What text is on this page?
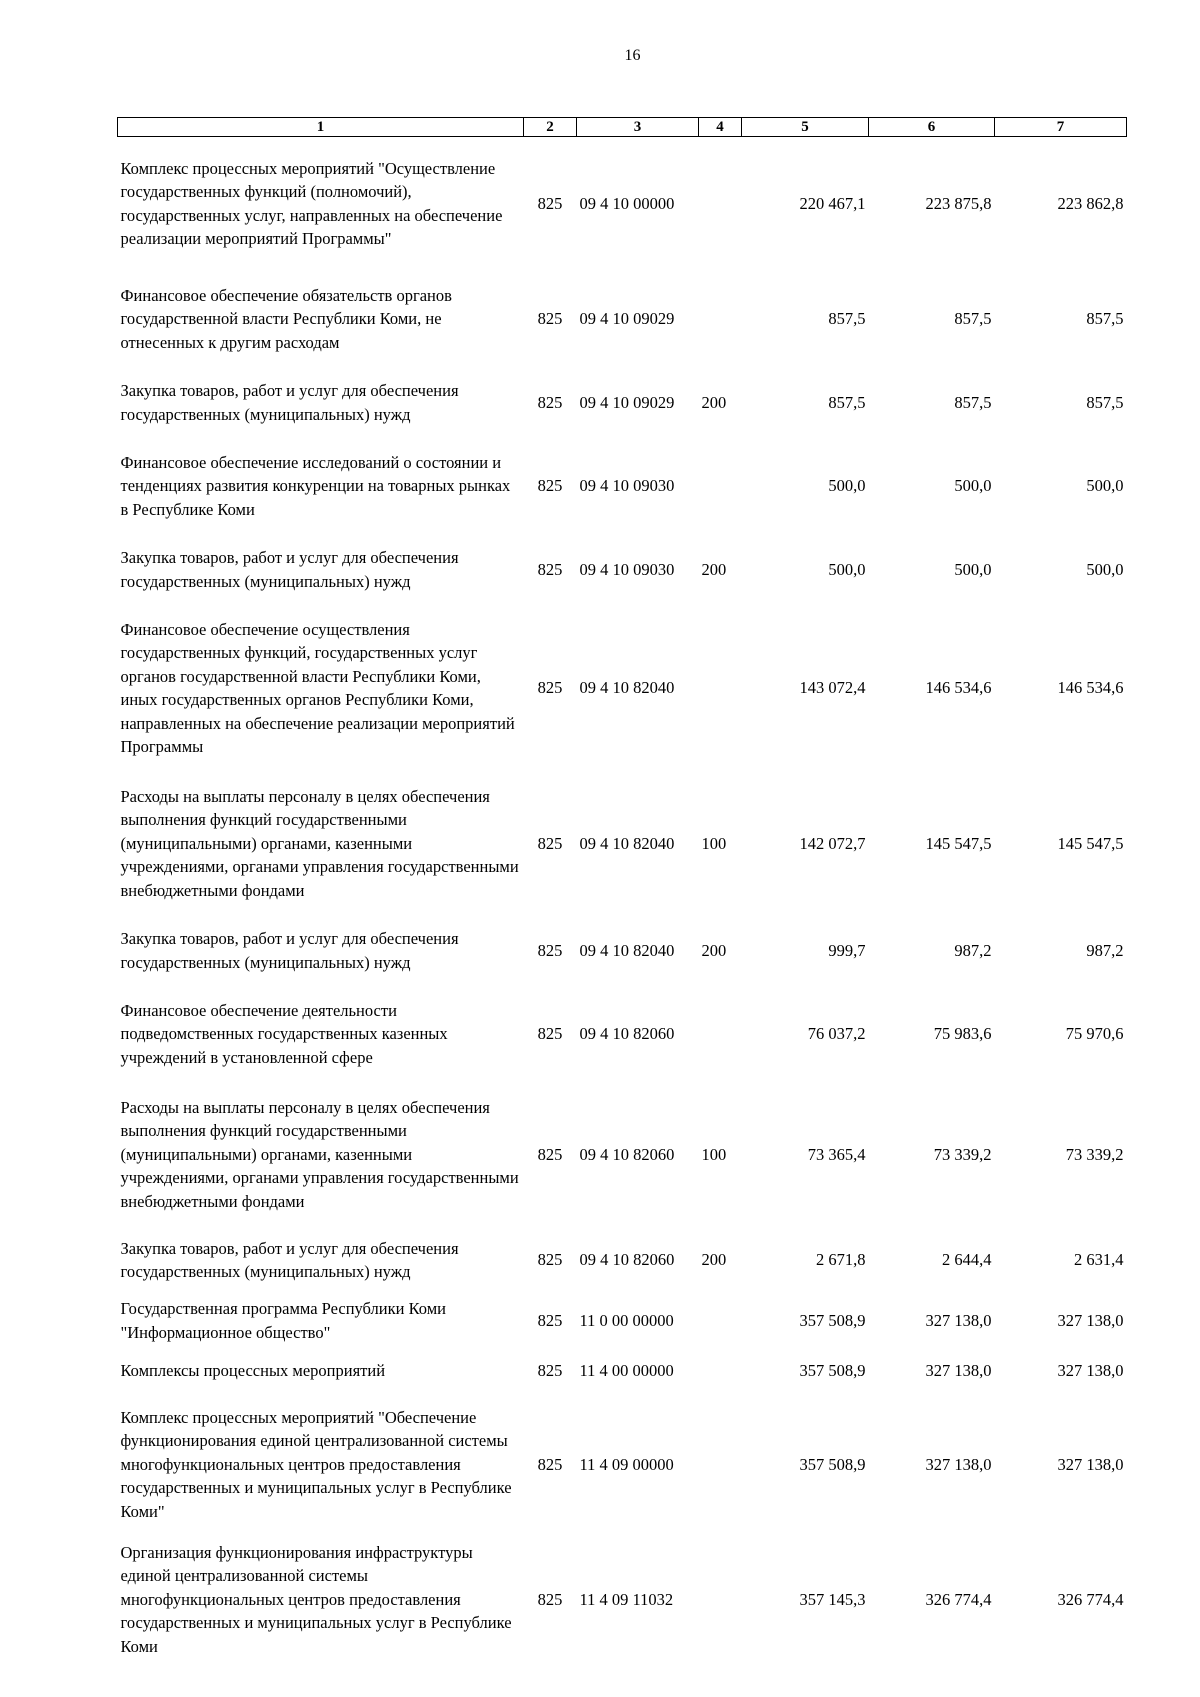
16
1	2	3	4	5	6	7
Комплекс процессных мероприятий "Осуществление государственных функций (полномочий), государственных услуг, направленных на обеспечение реализации мероприятий Программы"	825	09 4 10 00000		220 467,1	223 875,8	223 862,8
Финансовое обеспечение обязательств органов государственной власти Республики Коми, не отнесенных к другим расходам	825	09 4 10 09029		857,5	857,5	857,5
Закупка товаров, работ и услуг для обеспечения государственных (муниципальных) нужд	825	09 4 10 09029	200	857,5	857,5	857,5
Финансовое обеспечение исследований о состоянии и тенденциях развития конкуренции на товарных рынках в Республике Коми	825	09 4 10 09030		500,0	500,0	500,0
Закупка товаров, работ и услуг для обеспечения государственных (муниципальных) нужд	825	09 4 10 09030	200	500,0	500,0	500,0
Финансовое обеспечение осуществления государственных функций, государственных услуг органов государственной власти Республики Коми, иных государственных органов Республики Коми, направленных на обеспечение реализации мероприятий Программы	825	09 4 10 82040		143 072,4	146 534,6	146 534,6
Расходы на выплаты персоналу в целях обеспечения выполнения функций государственными (муниципальными) органами, казенными учреждениями, органами управления государственными внебюджетными фондами	825	09 4 10 82040	100	142 072,7	145 547,5	145 547,5
Закупка товаров, работ и услуг для обеспечения государственных (муниципальных) нужд	825	09 4 10 82040	200	999,7	987,2	987,2
Финансовое обеспечение деятельности подведомственных государственных казенных учреждений в установленной сфере	825	09 4 10 82060		76 037,2	75 983,6	75 970,6
Расходы на выплаты персоналу в целях обеспечения выполнения функций государственными (муниципальными) органами, казенными учреждениями, органами управления государственными внебюджетными фондами	825	09 4 10 82060	100	73 365,4	73 339,2	73 339,2
Закупка товаров, работ и услуг для обеспечения государственных (муниципальных) нужд	825	09 4 10 82060	200	2 671,8	2 644,4	2 631,4
Государственная программа Республики Коми "Информационное общество"	825	11 0 00 00000		357 508,9	327 138,0	327 138,0
Комплексы процессных мероприятий	825	11 4 00 00000		357 508,9	327 138,0	327 138,0
Комплекс процессных мероприятий "Обеспечение функционирования единой централизованной системы многофункциональных центров предоставления государственных и муниципальных услуг в Республике Коми"	825	11 4 09 00000		357 508,9	327 138,0	327 138,0
Организация функционирования инфраструктуры единой централизованной системы многофункциональных центров предоставления государственных и муниципальных услуг в Республике Коми	825	11 4 09 11032		357 145,3	326 774,4	326 774,4
